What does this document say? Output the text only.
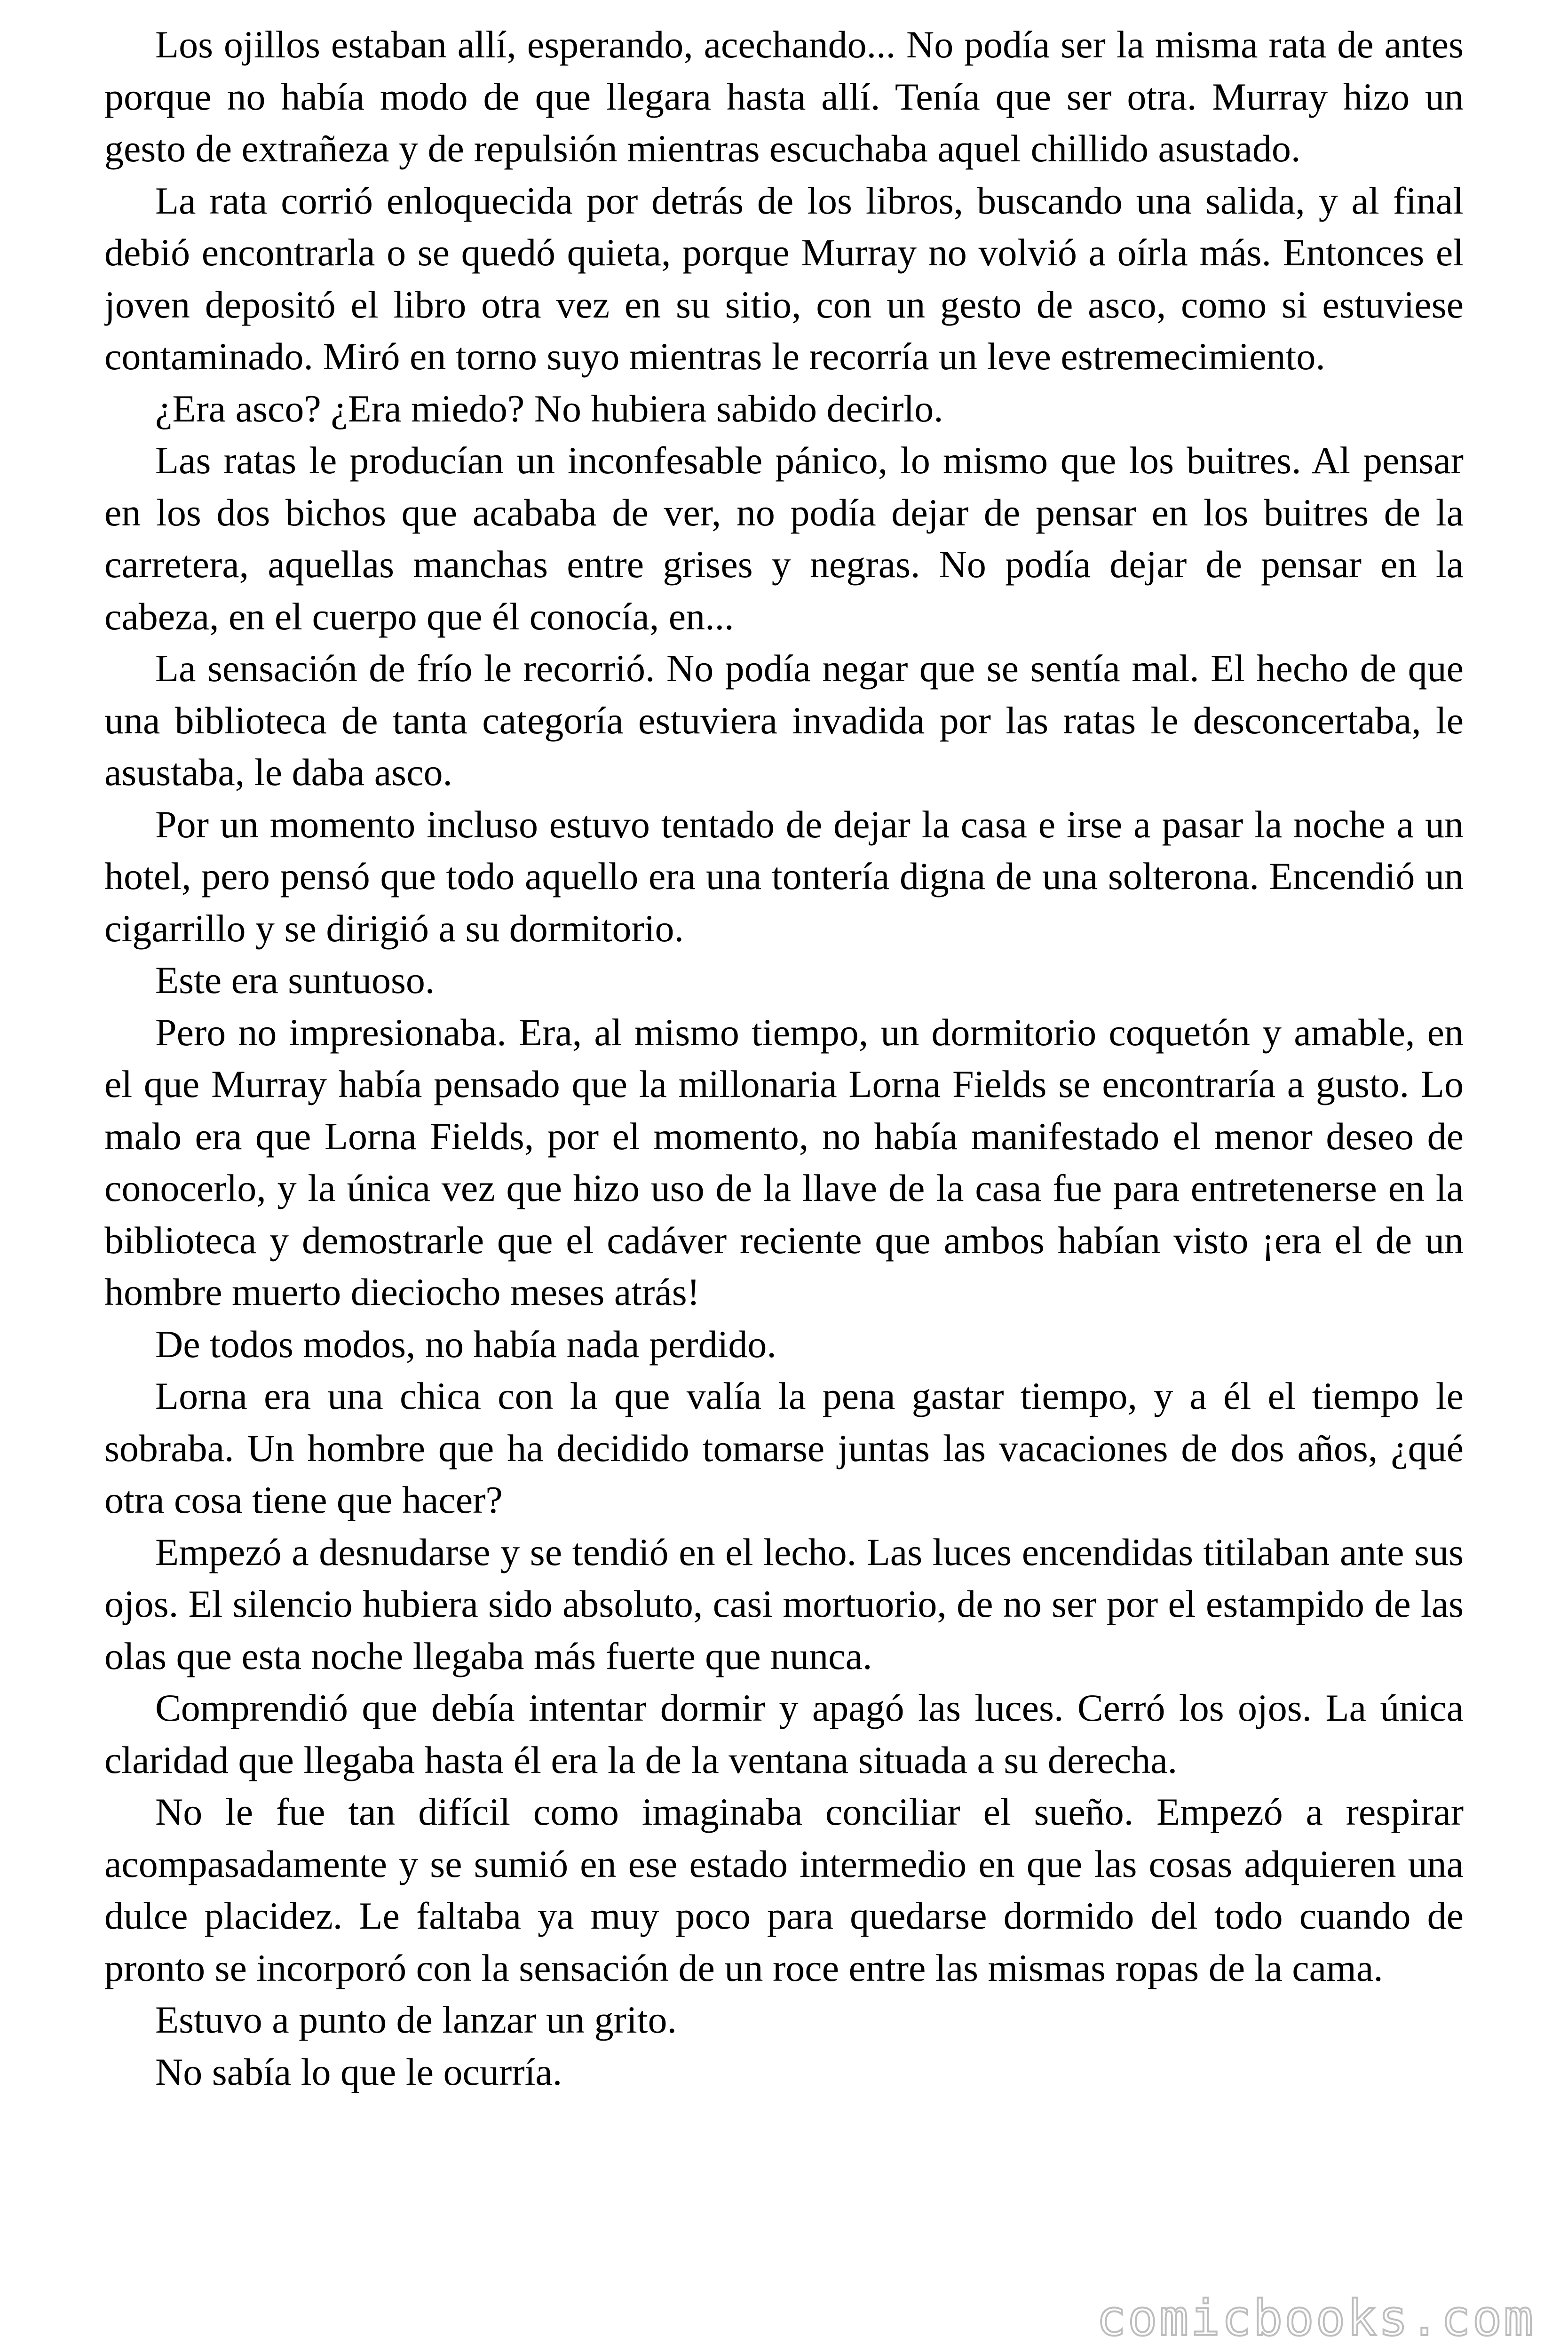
Los ojillos estaban allí, esperando, acechando... No podía ser la misma rata de antes porque no había modo de que llegara hasta allí. Tenía que ser otra. Murray hizo un gesto de extrañeza y de repulsión mientras escuchaba aquel chillido asustado.

La rata corrió enloquecida por detrás de los libros, buscando una salida, y al final debió encontrarla o se quedó quieta, porque Murray no volvió a oírla más. Entonces el joven depositó el libro otra vez en su sitio, con un gesto de asco, como si estuviese contaminado. Miró en torno suyo mientras le recorría un leve estremecimiento.

¿Era asco? ¿Era miedo? No hubiera sabido decirlo.

Las ratas le producían un inconfesable pánico, lo mismo que los buitres. Al pensar en los dos bichos que acababa de ver, no podía dejar de pensar en los buitres de la carretera, aquellas manchas entre grises y negras. No podía dejar de pensar en la cabeza, en el cuerpo que él conocía, en...

La sensación de frío le recorrió. No podía negar que se sentía mal. El hecho de que una biblioteca de tanta categoría estuviera invadida por las ratas le desconcertaba, le asustaba, le daba asco.

Por un momento incluso estuvo tentado de dejar la casa e irse a pasar la noche a un hotel, pero pensó que todo aquello era una tontería digna de una solterona. Encendió un cigarrillo y se dirigió a su dormitorio.

Este era suntuoso.

Pero no impresionaba. Era, al mismo tiempo, un dormitorio coquetón y amable, en el que Murray había pensado que la millonaria Lorna Fields se encontraría a gusto. Lo malo era que Lorna Fields, por el momento, no había manifestado el menor deseo de conocerlo, y la única vez que hizo uso de la llave de la casa fue para entretenerse en la biblioteca y demostrarle que el cadáver reciente que ambos habían visto ¡era el de un hombre muerto dieciocho meses atrás!

De todos modos, no había nada perdido.

Lorna era una chica con la que valía la pena gastar tiempo, y a él el tiempo le sobraba. Un hombre que ha decidido tomarse juntas las vacaciones de dos años, ¿qué otra cosa tiene que hacer?

Empezó a desnudarse y se tendió en el lecho. Las luces encendidas titilaban ante sus ojos. El silencio hubiera sido absoluto, casi mortuorio, de no ser por el estampido de las olas que esta noche llegaba más fuerte que nunca.

Comprendió que debía intentar dormir y apagó las luces. Cerró los ojos. La única claridad que llegaba hasta él era la de la ventana situada a su derecha.

No le fue tan difícil como imaginaba conciliar el sueño. Empezó a respirar acompasadamente y se sumió en ese estado intermedio en que las cosas adquieren una dulce placidez. Le faltaba ya muy poco para quedarse dormido del todo cuando de pronto se incorporó con la sensación de un roce entre las mismas ropas de la cama.

Estuvo a punto de lanzar un grito.

No sabía lo que le ocurría.

comicbooks.com
